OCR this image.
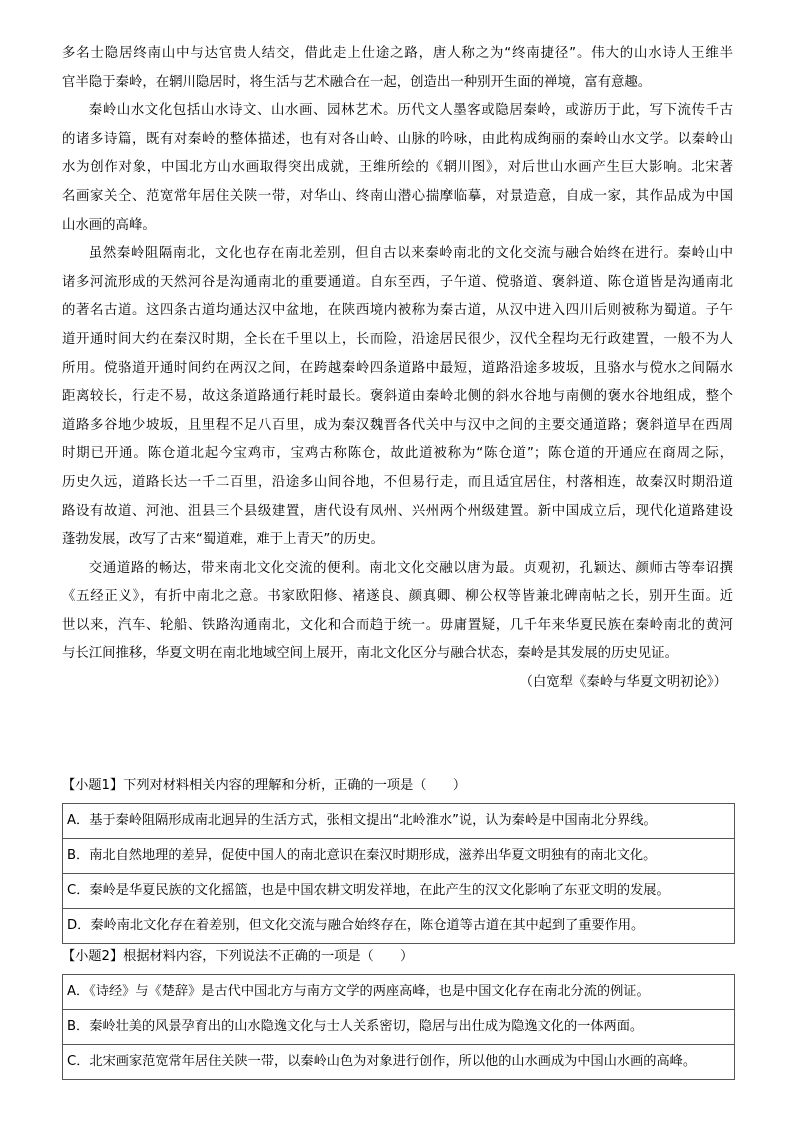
多名士隐居终南山中与达官贵人结交，借此走上仕途之路，唐人称之为“终南捷径”。伟大的山水诗人王维半

官半隐于秦岭，在辋川隐居时，将生活与艺术融合在一起，创造出一种别开生面的禅境，富有意趣。

秦岭山水文化包括山水诗文、山水画、园林艺术。历代文人墨客或隐居秦岭，或游历于此，写下流传千古

的诸多诗篇，既有对秦岭的整体描述，也有对各山岭、山脉的吟咏，由此构成绚丽的秦岭山水文学。以秦岭山

水为创作对象，中国北方山水画取得突出成就，王维所绘的《辋川图》，对后世山水画产生巨大影响。北宋著

名画家关仝、范宽常年居住关陕一带，对华山、终南山潜心揣摩临摹，对景造意，自成一家，其作品成为中国

山水画的高峰。

虽然秦岭阻隔南北，文化也存在南北差别，但自古以来秦岭南北的文化交流与融合始终在进行。秦岭山中

诸多河流形成的天然河谷是沟通南北的重要通道。自东至西，子午道、傥骆道、褒斜道、陈仓道皆是沟通南北

的著名古道。这四条古道均通达汉中盆地，在陕西境内被称为秦古道，从汉中进入四川后则被称为蜀道。子午

道开通时间大约在秦汉时期，全长在千里以上，长而险，沿途居民很少，汉代全程均无行政建置，一般不为人

所用。傥骆道开通时间约在两汉之间，在跨越秦岭四条道路中最短，道路沿途多坡坂，且骆水与傥水之间隔水

距离较长，行走不易，故这条道路通行耗时最长。褒斜道由秦岭北侧的斜水谷地与南侧的褒水谷地组成，整个

道路多谷地少坡坂，且里程不足八百里，成为秦汉魏晋各代关中与汉中之间的主要交通道路；褒斜道早在西周

时期已开通。陈仓道北起今宝鸡市，宝鸡古称陈仓，故此道被称为“陈仓道”；陈仓道的开通应在商周之际，

历史久远，道路长达一千二百里，沿途多山间谷地，不但易行走，而且适宜居住，村落相连，故秦汉时期沿道

路设有故道、河池、沮县三个县级建置，唐代设有凤州、兴州两个州级建置。新中国成立后，现代化道路建设

蓬勃发展，改写了古来“蜀道难，难于上青天”的历史。

交通道路的畅达，带来南北文化交流的便利。南北文化交融以唐为最。贞观初，孔颖达、颜师古等奉诏撰

《五经正义》，有折中南北之意。书家欧阳修、褚遂良、颜真卿、柳公权等皆兼北碑南帖之长，别开生面。近

世以来，汽车、轮船、铁路沟通南北，文化和合而趋于统一。毋庸置疑，几千年来华夏民族在秦岭南北的黄河

与长江间推移，华夏文明在南北地域空间上展开，南北文化区分与融合状态，秦岭是其发展的历史见证。

（白宽犁《秦岭与华夏文明初论》）

【小题1】下列对材料相关内容的理解和分析，正确的一项是（　　）
A．基于秦岭阻隔形成南北迥异的生活方式，张相文提出“北岭淮水”说，认为秦岭是中国南北分界线。
B．南北自然地理的差异，促使中国人的南北意识在秦汉时期形成，滋养出华夏文明独有的南北文化。
C．秦岭是华夏民族的文化摇篮，也是中国农耕文明发祥地，在此产生的汉文化影响了东亚文明的发展。
D．秦岭南北文化存在着差别，但文化交流与融合始终存在，陈仓道等古道在其中起到了重要作用。
【小题2】根据材料内容，下列说法不正确的一项是（　　）
A．《诗经》与《楚辞》是古代中国北方与南方文学的两座高峰，也是中国文化存在南北分流的例证。
B．秦岭壮美的风景孕育出的山水隐逸文化与士人关系密切，隐居与出仕成为隐逸文化的一体两面。
C．北宋画家范宽常年居住关陕一带，以秦岭山色为对象进行创作，所以他的山水画成为中国山水画的高峰。
